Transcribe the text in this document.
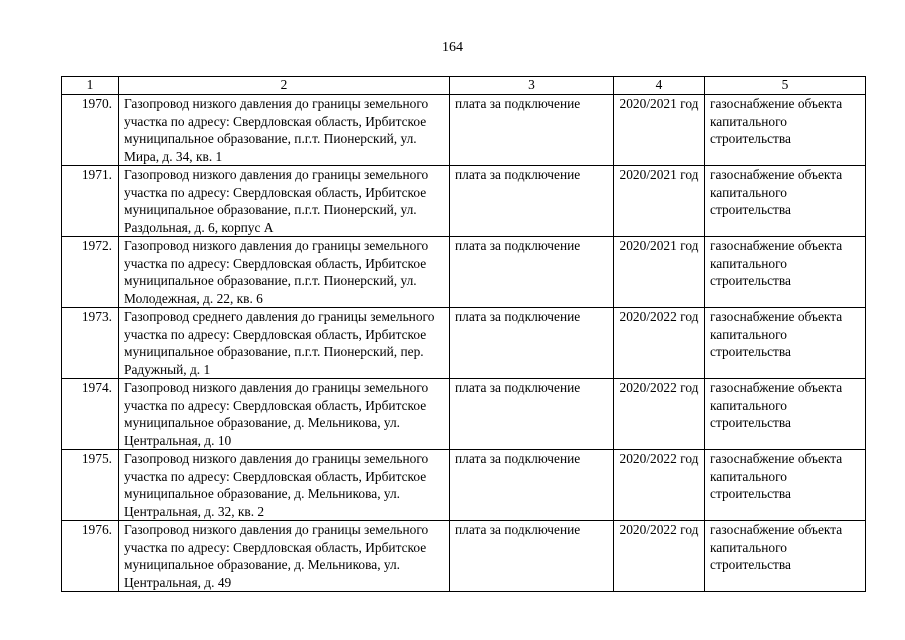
164
1	2	3	4	5
1970.	Газопровод низкого давления до границы земельного участка по адресу: Свердловская область, Ирбитское муниципальное образование, п.г.т. Пионерский, ул. Мира, д. 34, кв. 1	плата за подключение	2020/2021 год	газоснабжение объекта капитального строительства
1971.	Газопровод низкого давления до границы земельного участка по адресу: Свердловская область, Ирбитское муниципальное образование, п.г.т. Пионерский, ул. Раздольная, д. 6, корпус А	плата за подключение	2020/2021 год	газоснабжение объекта капитального строительства
1972.	Газопровод низкого давления до границы земельного участка по адресу: Свердловская область, Ирбитское муниципальное образование, п.г.т. Пионерский, ул. Молодежная, д. 22, кв. 6	плата за подключение	2020/2021 год	газоснабжение объекта капитального строительства
1973.	Газопровод среднего давления до границы земельного участка по адресу: Свердловская область, Ирбитское муниципальное образование, п.г.т. Пионерский, пер. Радужный, д. 1	плата за подключение	2020/2022 год	газоснабжение объекта капитального строительства
1974.	Газопровод низкого давления до границы земельного участка по адресу: Свердловская область, Ирбитское муниципальное образование, д. Мельникова, ул. Центральная, д. 10	плата за подключение	2020/2022 год	газоснабжение объекта капитального строительства
1975.	Газопровод низкого давления до границы земельного участка по адресу: Свердловская область, Ирбитское муниципальное образование, д. Мельникова, ул. Центральная, д. 32, кв. 2	плата за подключение	2020/2022 год	газоснабжение объекта капитального строительства
1976.	Газопровод низкого давления до границы земельного участка по адресу: Свердловская область, Ирбитское муниципальное образование, д. Мельникова, ул. Центральная, д. 49	плата за подключение	2020/2022 год	газоснабжение объекта капитального строительства
